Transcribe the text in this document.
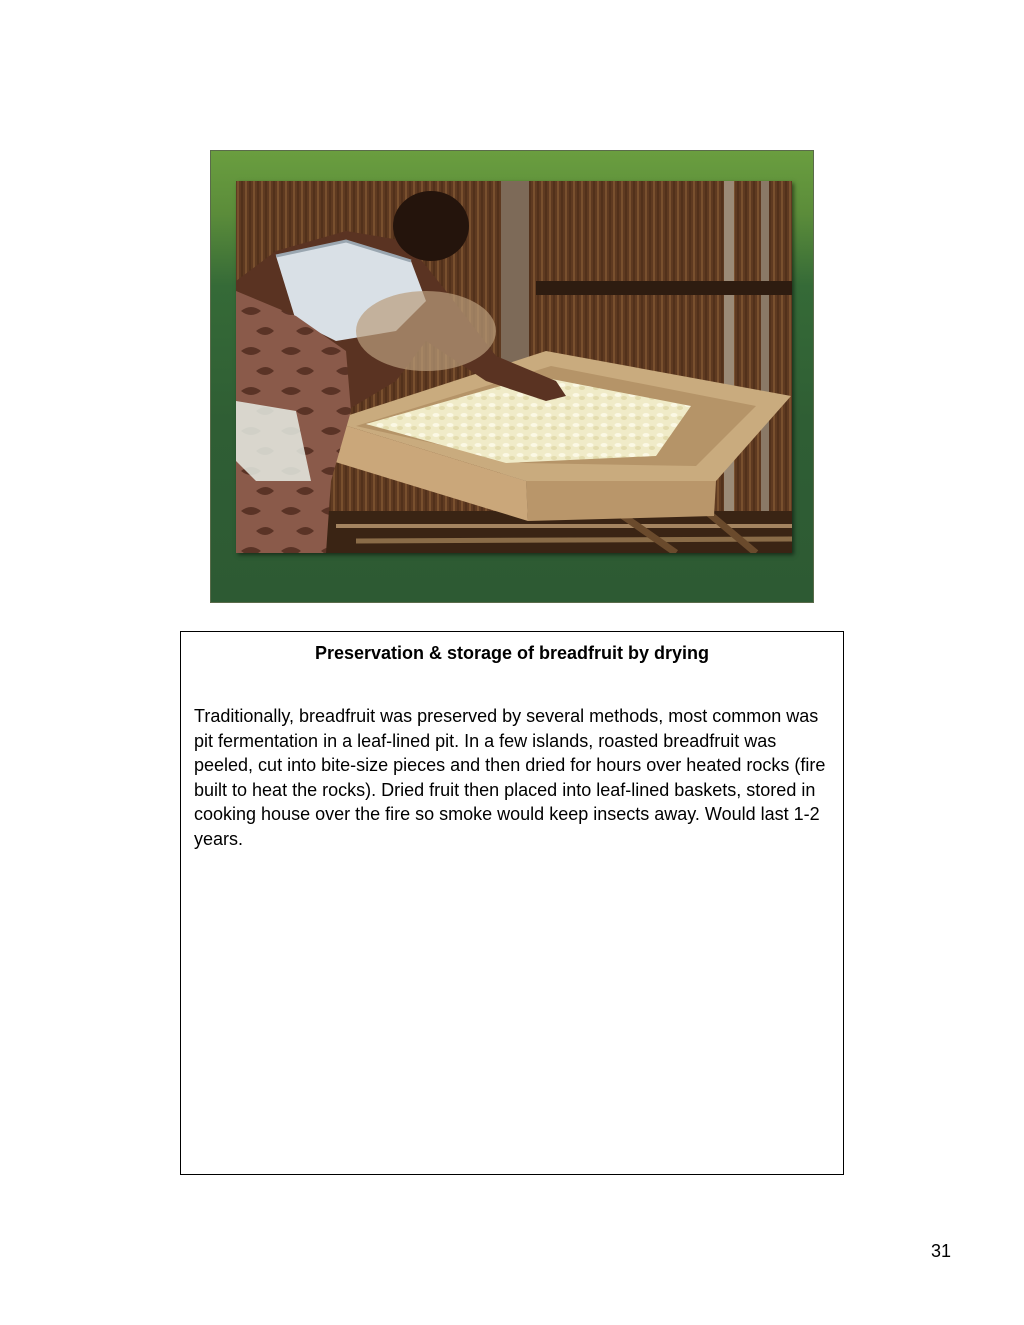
Preservation & storage of breadfruit by drying

Traditionally, breadfruit was preserved by several methods, most common was pit fermentation in a leaf-lined pit. In a few islands, roasted breadfruit was peeled, cut into bite-size pieces and then dried for hours over heated rocks (fire built to heat the rocks). Dried fruit then placed into leaf-lined baskets, stored in cooking house over the fire so smoke would keep insects away. Would last 1-2 years.

31
